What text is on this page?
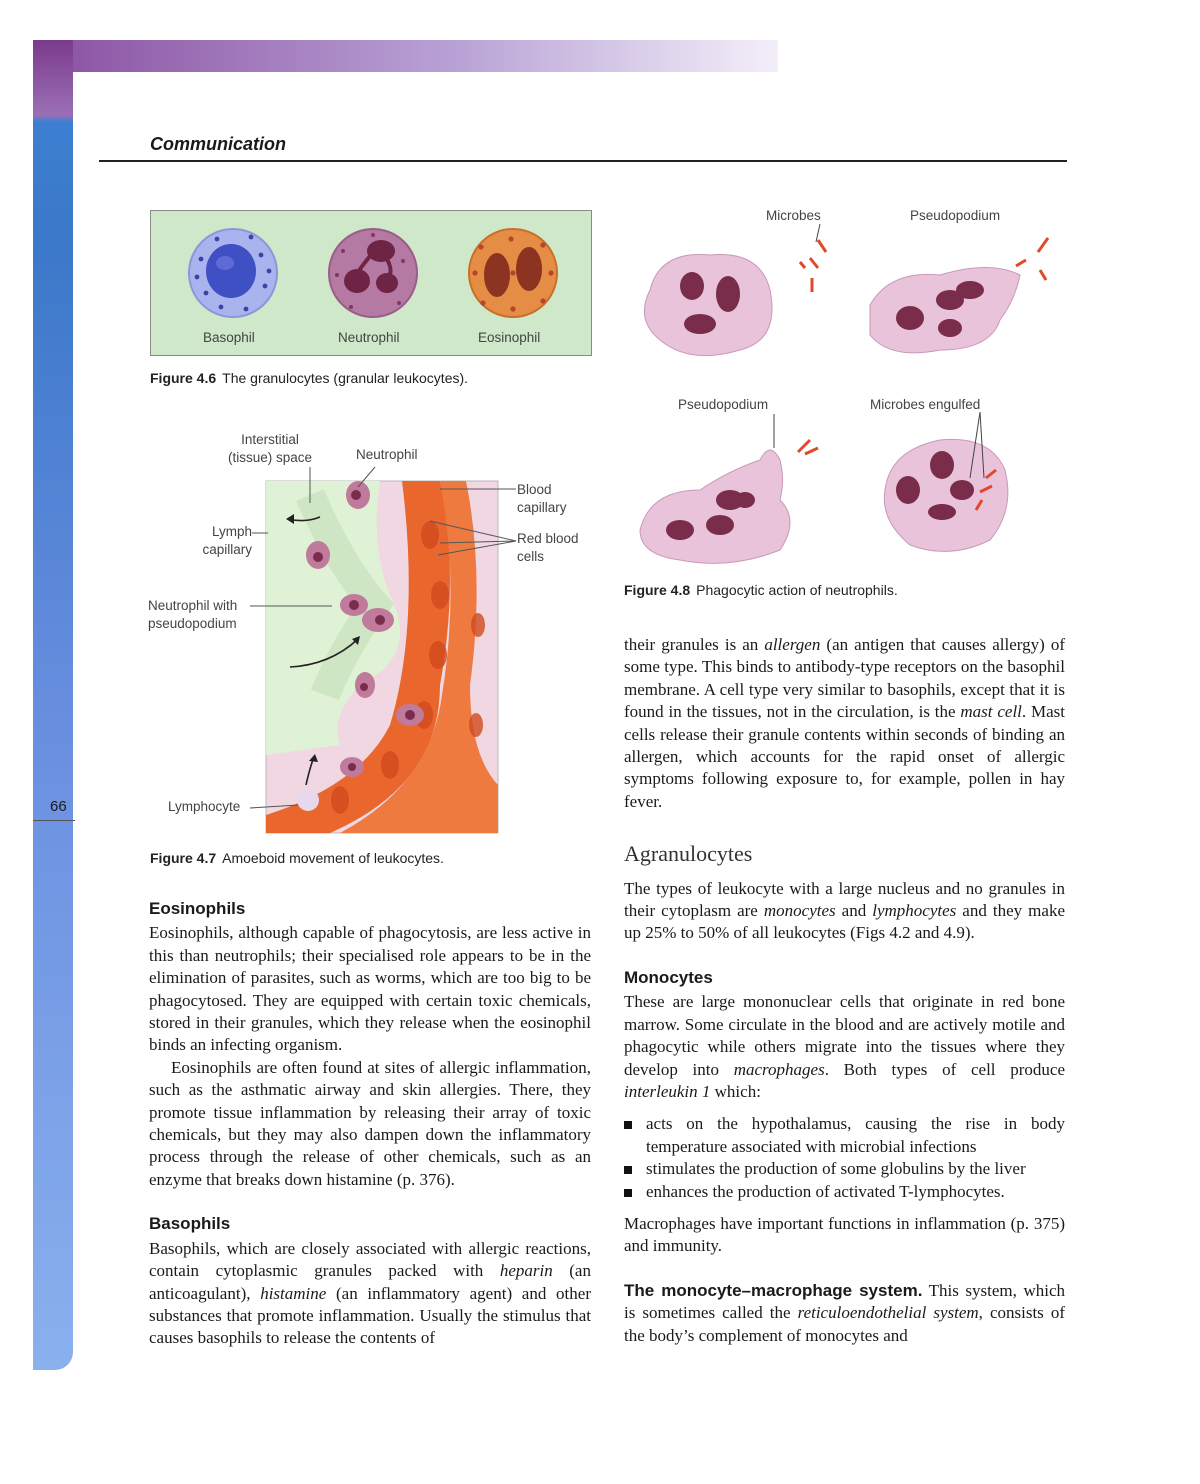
Communication
66
Basophil	Neutrophil	Eosinophil
Figure 4.6 The granulocytes (granular leukocytes).
Interstitial (tissue) space	Neutrophil
Blood capillary
Red blood cells
Lymph capillary
Neutrophil with pseudopodium
Lymphocyte
Figure 4.7 Amoeboid movement of leukocytes.
Microbes	Pseudopodium
Pseudopodium	Microbes engulfed
Figure 4.8 Phagocytic action of neutrophils.
Eosinophils

Eosinophils, although capable of phagocytosis, are less active in this than neutrophils; their specialised role appears to be in the elimination of parasites, such as worms, which are too big to be phagocytosed. They are equipped with certain toxic chemicals, stored in their granules, which they release when the eosinophil binds an infecting organism.

Eosinophils are often found at sites of allergic inflammation, such as the asthmatic airway and skin allergies. There, they promote tissue inflammation by releasing their array of toxic chemicals, but they may also dampen down the inflammatory process through the release of other chemicals, such as an enzyme that breaks down histamine (p. 376).

Basophils

Basophils, which are closely associated with allergic reactions, contain cytoplasmic granules packed with heparin (an anticoagulant), histamine (an inflammatory agent) and other substances that promote inflammation. Usually the stimulus that causes basophils to release the contents of

their granules is an allergen (an antigen that causes allergy) of some type. This binds to antibody-type receptors on the basophil membrane. A cell type very similar to basophils, except that it is found in the tissues, not in the circulation, is the mast cell. Mast cells release their granule contents within seconds of binding an allergen, which accounts for the rapid onset of allergic symptoms following exposure to, for example, pollen in hay fever.

Agranulocytes

The types of leukocyte with a large nucleus and no granules in their cytoplasm are monocytes and lymphocytes and they make up 25% to 50% of all leukocytes (Figs 4.2 and 4.9).

Monocytes

These are large mononuclear cells that originate in red bone marrow. Some circulate in the blood and are actively motile and phagocytic while others migrate into the tissues where they develop into macrophages. Both types of cell produce interleukin 1 which:

acts on the hypothalamus, causing the rise in body temperature associated with microbial infections
stimulates the production of some globulins by the liver
enhances the production of activated T-lymphocytes.

Macrophages have important functions in inflammation (p. 375) and immunity.

The monocyte–macrophage system. This system, which is sometimes called the reticuloendothelial system, consists of the body’s complement of monocytes and
